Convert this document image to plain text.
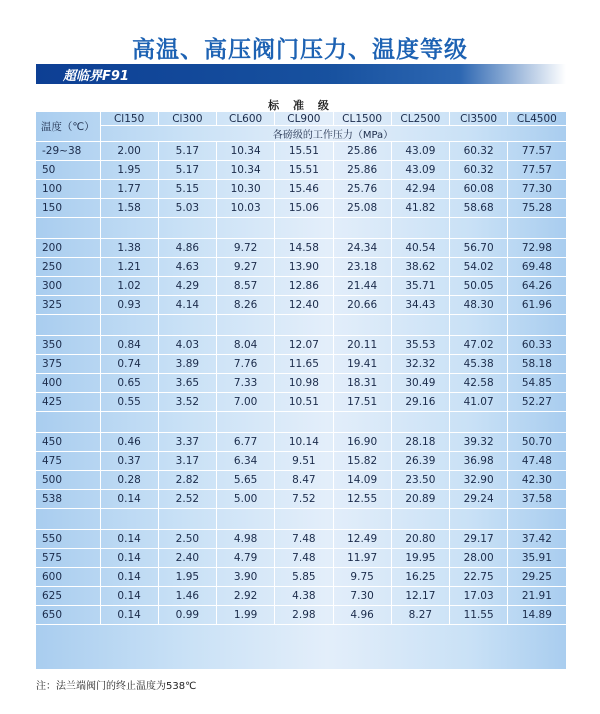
高温、高压阀门压力、温度等级
超临界F91
标 准 级
温度（℃）	Cl150	Cl300	CL600	CL900	CL1500	CL2500	Cl3500	CL4500
	各磅级的工作压力（MPa）							
-29~38	2.00	5.17	10.34	15.51	25.86	43.09	60.32	77.57
50	1.95	5.17	10.34	15.51	25.86	43.09	60.32	77.57
100	1.77	5.15	10.30	15.46	25.76	42.94	60.08	77.30
150	1.58	5.03	10.03	15.06	25.08	41.82	58.68	75.28

200	1.38	4.86	9.72	14.58	24.34	40.54	56.70	72.98
250	1.21	4.63	9.27	13.90	23.18	38.62	54.02	69.48
300	1.02	4.29	8.57	12.86	21.44	35.71	50.05	64.26
325	0.93	4.14	8.26	12.40	20.66	34.43	48.30	61.96

350	0.84	4.03	8.04	12.07	20.11	35.53	47.02	60.33
375	0.74	3.89	7.76	11.65	19.41	32.32	45.38	58.18
400	0.65	3.65	7.33	10.98	18.31	30.49	42.58	54.85
425	0.55	3.52	7.00	10.51	17.51	29.16	41.07	52.27

450	0.46	3.37	6.77	10.14	16.90	28.18	39.32	50.70
475	0.37	3.17	6.34	9.51	15.82	26.39	36.98	47.48
500	0.28	2.82	5.65	8.47	14.09	23.50	32.90	42.30
538	0.14	2.52	5.00	7.52	12.55	20.89	29.24	37.58

550	0.14	2.50	4.98	7.48	12.49	20.80	29.17	37.42
575	0.14	2.40	4.79	7.48	11.97	19.95	28.00	35.91
600	0.14	1.95	3.90	5.85	9.75	16.25	22.75	29.25
625	0.14	1.46	2.92	4.38	7.30	12.17	17.03	21.91
650	0.14	0.99	1.99	2.98	4.96	8.27	11.55	14.89
注：法兰端阀门的终止温度为538℃
